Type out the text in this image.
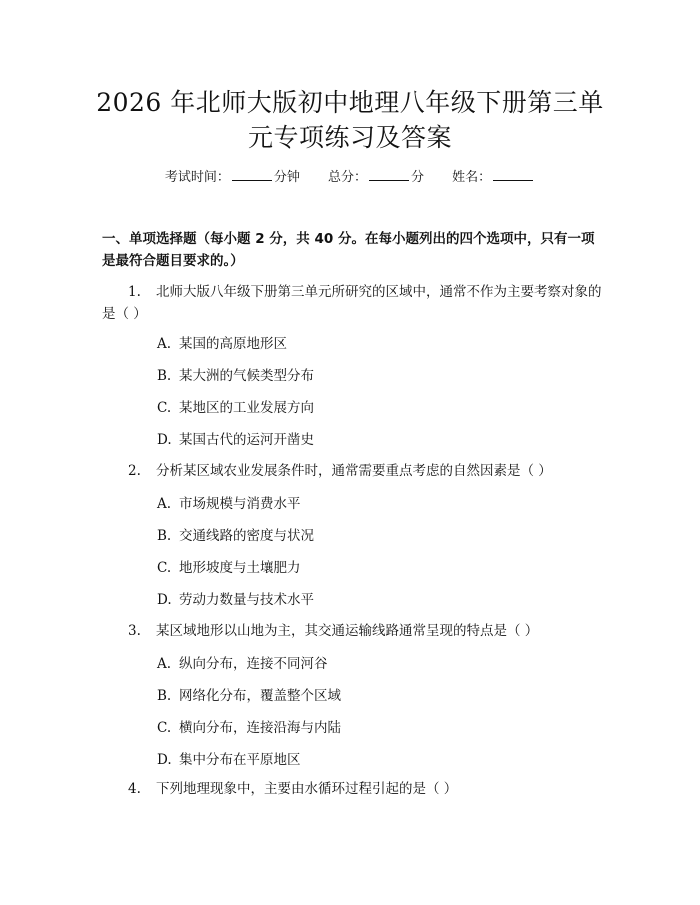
2026 年北师大版初中地理八年级下册第三单
元专项练习及答案
考试时间：	分钟 总分：	分 姓名：
一、单项选择题（每小题 2 分，共 40 分。在每小题列出的四个选项中，只有一项是最符合题目要求的。）
1. 北师大版八年级下册第三单元所研究的区域中，通常不作为主要考察对象的是（ ）
A. 某国的高原地形区
B. 某大洲的气候类型分布
C. 某地区的工业发展方向
D. 某国古代的运河开凿史
2. 分析某区域农业发展条件时，通常需要重点考虑的自然因素是（ ）
A. 市场规模与消费水平
B. 交通线路的密度与状况
C. 地形坡度与土壤肥力
D. 劳动力数量与技术水平
3. 某区域地形以山地为主，其交通运输线路通常呈现的特点是（ ）
A. 纵向分布，连接不同河谷
B. 网络化分布，覆盖整个区域
C. 横向分布，连接沿海与内陆
D. 集中分布在平原地区
4. 下列地理现象中，主要由水循环过程引起的是（ ）
